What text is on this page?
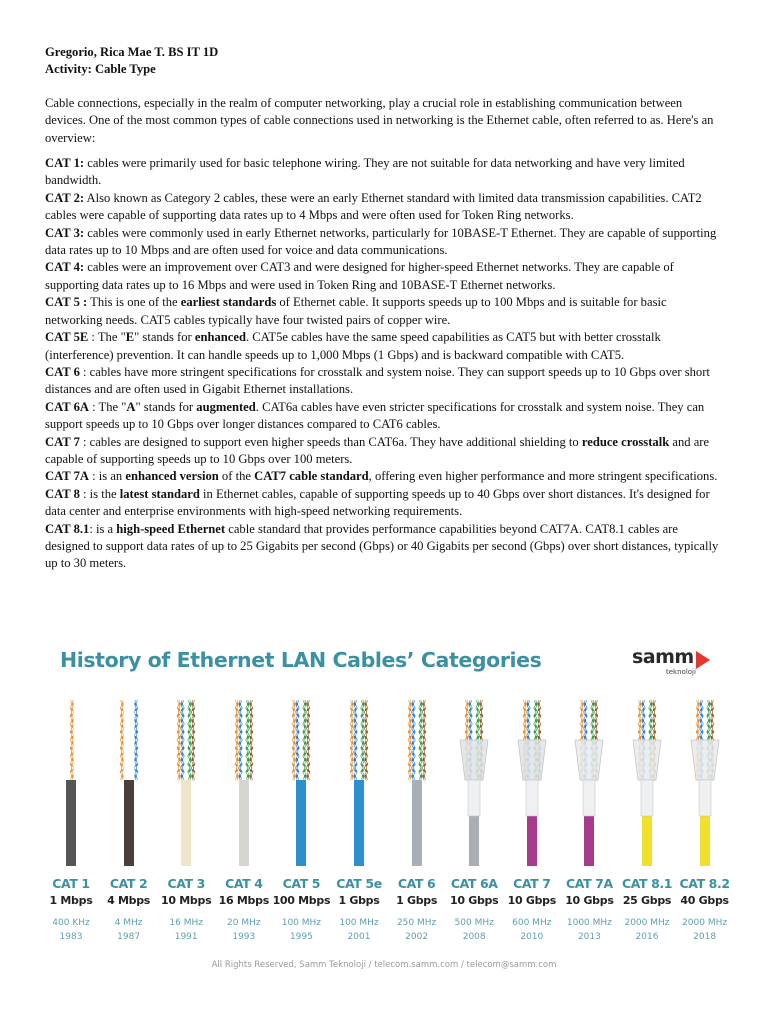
Gregorio, Rica Mae T. BS IT 1D
Activity: Cable Type
Cable connections, especially in the realm of computer networking, play a crucial role in establishing communication between devices. One of the most common types of cable connections used in networking is the Ethernet cable, often referred to as. Here's an overview:
CAT 1: cables were primarily used for basic telephone wiring. They are not suitable for data networking and have very limited bandwidth.
CAT 2: Also known as Category 2 cables, these were an early Ethernet standard with limited data transmission capabilities. CAT2 cables were capable of supporting data rates up to 4 Mbps and were often used for Token Ring networks.
CAT 3: cables were commonly used in early Ethernet networks, particularly for 10BASE-T Ethernet. They are capable of supporting data rates up to 10 Mbps and are often used for voice and data communications.
CAT 4: cables were an improvement over CAT3 and were designed for higher-speed Ethernet networks. They are capable of supporting data rates up to 16 Mbps and were used in Token Ring and 10BASE-T Ethernet networks.
CAT 5 : This is one of the earliest standards of Ethernet cable. It supports speeds up to 100 Mbps and is suitable for basic networking needs. CAT5 cables typically have four twisted pairs of copper wire.
CAT 5E : The "E" stands for enhanced. CAT5e cables have the same speed capabilities as CAT5 but with better crosstalk (interference) prevention. It can handle speeds up to 1,000 Mbps (1 Gbps) and is backward compatible with CAT5.
CAT 6 : cables have more stringent specifications for crosstalk and system noise. They can support speeds up to 10 Gbps over short distances and are often used in Gigabit Ethernet installations.
CAT 6A : The "A" stands for augmented. CAT6a cables have even stricter specifications for crosstalk and system noise. They can support speeds up to 10 Gbps over longer distances compared to CAT6 cables.
CAT 7 : cables are designed to support even higher speeds than CAT6a. They have additional shielding to reduce crosstalk and are capable of supporting speeds up to 10 Gbps over 100 meters.
CAT 7A : is an enhanced version of the CAT7 cable standard, offering even higher performance and more stringent specifications.
CAT 8 : is the latest standard in Ethernet cables, capable of supporting speeds up to 40 Gbps over short distances. It's designed for data center and enterprise environments with high-speed networking requirements.
CAT 8.1: is a high-speed Ethernet cable standard that provides performance capabilities beyond CAT7A. CAT8.1 cables are designed to support data rates of up to 25 Gigabits per second (Gbps) or 40 Gigabits per second (Gbps) over short distances, typically up to 30 meters.
History of Ethernet LAN Cables’ Categories	samm
teknoloji
CAT 1
1 Mbps
400 KHz
1983
CAT 2
4 Mbps
4 MHz
1987
CAT 3
10 Mbps
16 MHz
1991
CAT 4
16 Mbps
20 MHz
1993
CAT 5
100 Mbps
100 MHz
1995
CAT 5e
1 Gbps
100 MHz
2001
CAT 6
1 Gbps
250 MHz
2002
CAT 6A
10 Gbps
500 MHz
2008
CAT 7
10 Gbps
600 MHz
2010
CAT 7A
10 Gbps
1000 MHz
2013
CAT 8.1
25 Gbps
2000 MHz
2016
CAT 8.2
40 Gbps
2000 MHz
2018
All Rights Reserved, Samm Teknoloji / telecom.samm.com / telecom@samm.com
